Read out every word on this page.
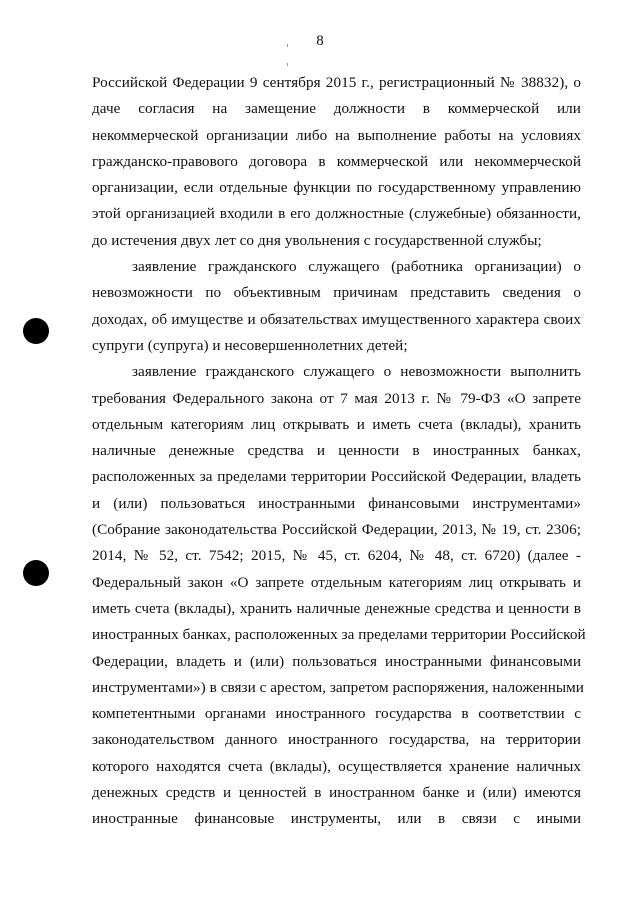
8
Российской Федерации 9 сентября 2015 г., регистрационный № 38832), о
даче согласия на замещение должности в коммерческой или
некоммерческой организации либо на выполнение работы на условиях
гражданско-правового договора в коммерческой или некоммерческой
организации, если отдельные функции по государственному управлению
этой организацией входили в его должностные (служебные) обязанности,
до истечения двух лет со дня увольнения с государственной службы;
заявление гражданского служащего (работника организации) о
невозможности по объективным причинам представить сведения о
доходах, об имуществе и обязательствах имущественного характера своих
супруги (супруга) и несовершеннолетних детей;
заявление гражданского служащего о невозможности выполнить
требования Федерального закона от 7 мая 2013 г. № 79-ФЗ «О запрете
отдельным категориям лиц открывать и иметь счета (вклады), хранить
наличные денежные средства и ценности в иностранных банках,
расположенных за пределами территории Российской Федерации, владеть
и (или) пользоваться иностранными финансовыми инструментами»
(Собрание законодательства Российской Федерации, 2013, № 19, ст. 2306;
2014, № 52, ст. 7542; 2015, № 45, ст. 6204, № 48, ст. 6720) (далее -
Федеральный закон «О запрете отдельным категориям лиц открывать и
иметь счета (вклады), хранить наличные денежные средства и ценности в
иностранных банках, расположенных за пределами территории Российской
Федерации, владеть и (или) пользоваться иностранными финансовыми
инструментами») в связи с арестом, запретом распоряжения, наложенными
компетентными органами иностранного государства в соответствии с
законодательством данного иностранного государства, на территории
которого находятся счета (вклады), осуществляется хранение наличных
денежных средств и ценностей в иностранном банке и (или) имеются
иностранные финансовые инструменты, или в связи с иными
